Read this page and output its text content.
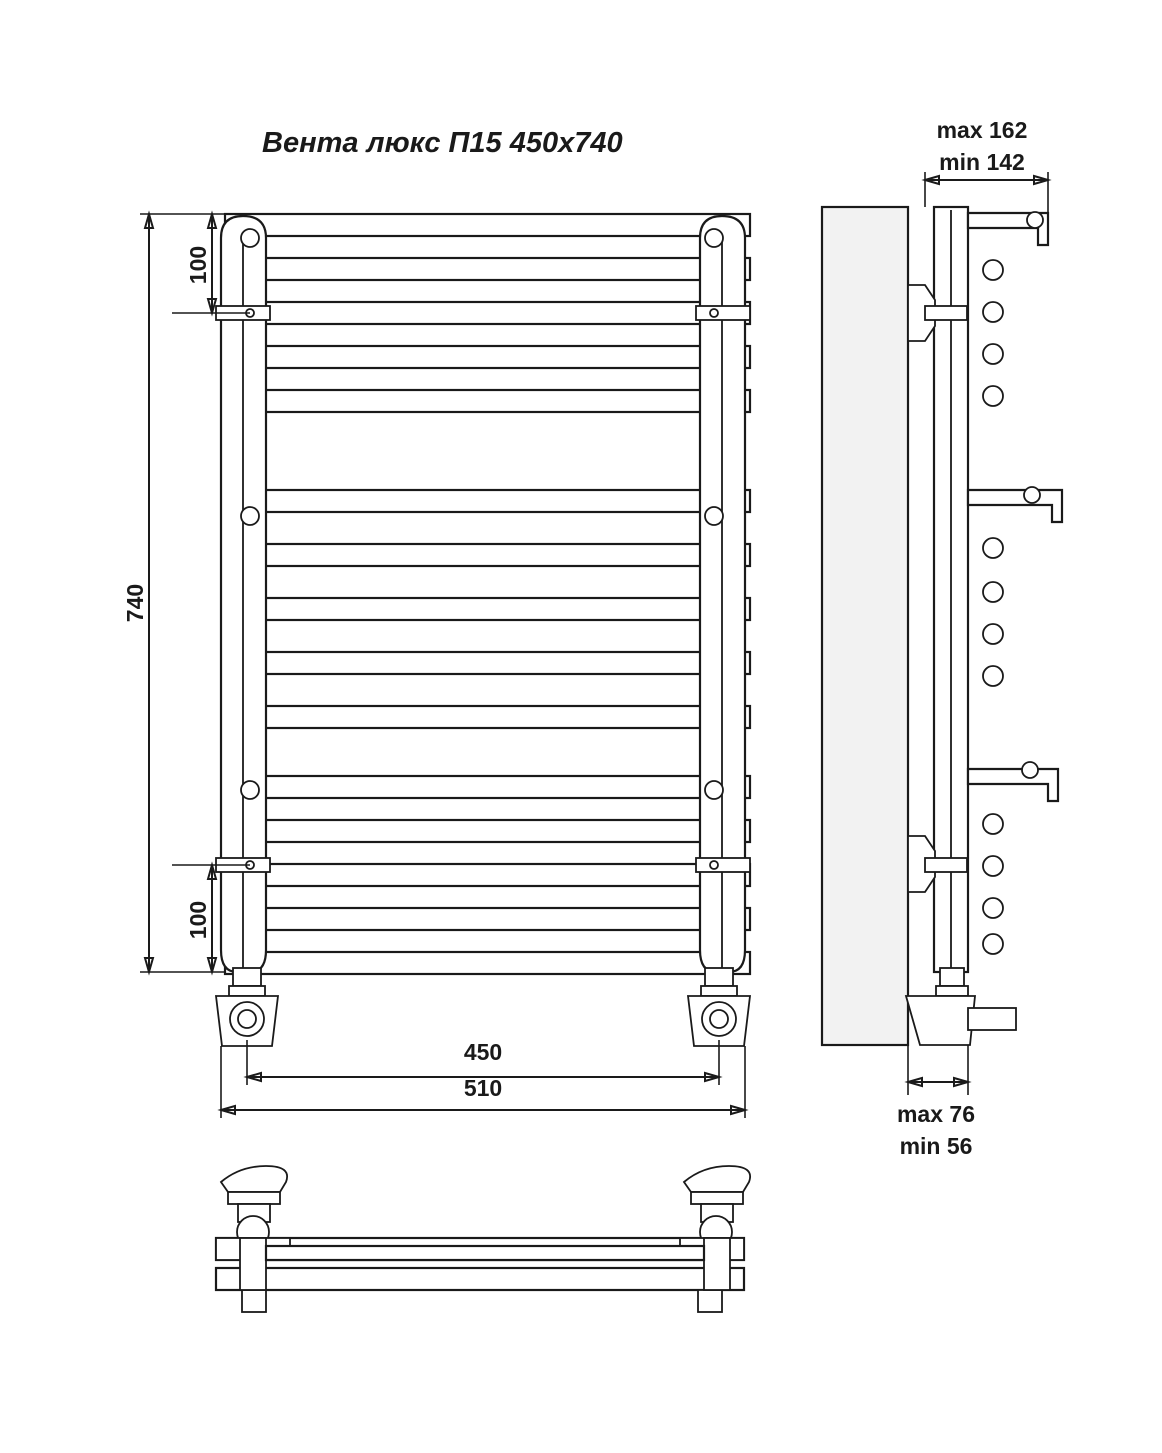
Вента люкс П15 450х740
740
100
100
450
510
max 162
min 142
max 76
min 56
